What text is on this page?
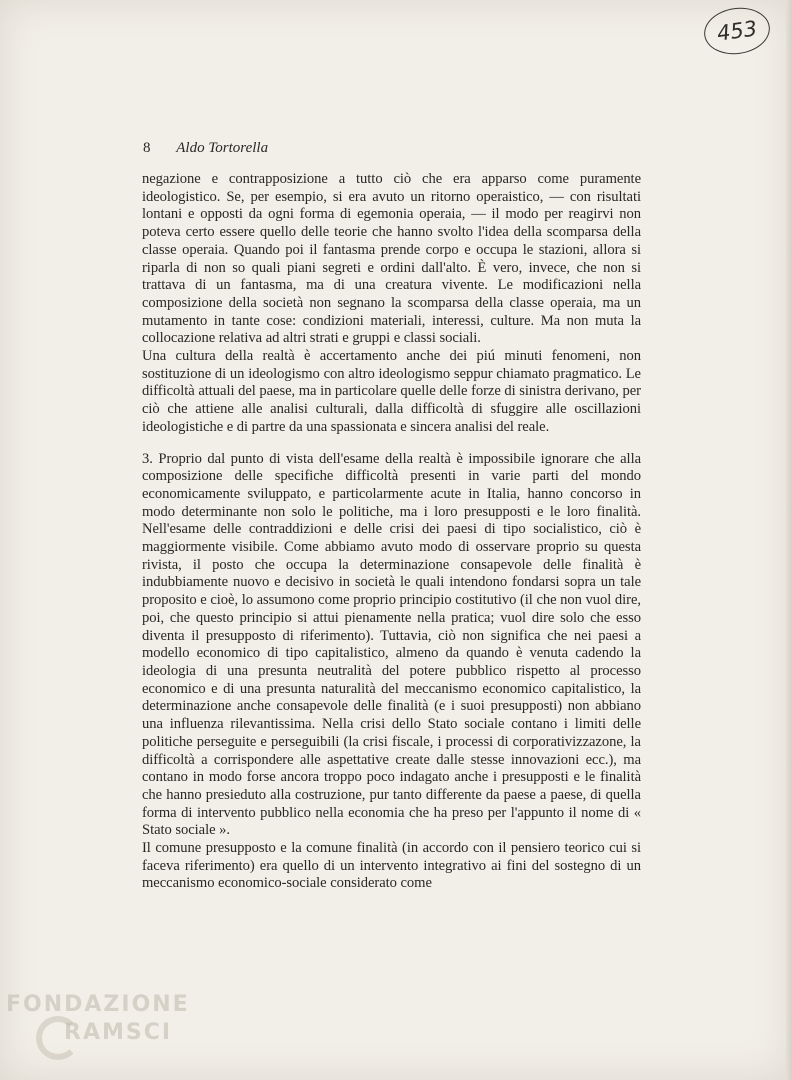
453
8 Aldo Tortorella

negazione e contrapposizione a tutto ciò che era apparso come puramente ideologistico. Se, per esempio, si era avuto un ritorno operaistico, — con risultati lontani e opposti da ogni forma di egemonia operaia, — il modo per reagirvi non poteva certo essere quello delle teorie che hanno svolto l'idea della scomparsa della classe operaia. Quando poi il fantasma prende corpo e occupa le stazioni, allora si riparla di non so quali piani segreti e ordini dall'alto. È vero, invece, che non si trattava di un fantasma, ma di una creatura vivente. Le modificazioni nella composizione della società non segnano la scomparsa della classe operaia, ma un mutamento in tante cose: condizioni materiali, interessi, culture. Ma non muta la collocazione relativa ad altri strati e gruppi e classi sociali.

Una cultura della realtà è accertamento anche dei piú minuti fenomeni, non sostituzione di un ideologismo con altro ideologismo seppur chiamato pragmatico. Le difficoltà attuali del paese, ma in particolare quelle delle forze di sinistra derivano, per ciò che attiene alle analisi culturali, dalla difficoltà di sfuggire alle oscillazioni ideologistiche e di partre da una spassionata e sincera analisi del reale.

3. Proprio dal punto di vista dell'esame della realtà è impossibile ignorare che alla composizione delle specifiche difficoltà presenti in varie parti del mondo economicamente sviluppato, e particolarmente acute in Italia, hanno concorso in modo determinante non solo le politiche, ma i loro presupposti e le loro finalità. Nell'esame delle contraddizioni e delle crisi dei paesi di tipo socialistico, ciò è maggiormente visibile. Come abbiamo avuto modo di osservare proprio su questa rivista, il posto che occupa la determinazione consapevole delle finalità è indubbiamente nuovo e decisivo in società le quali intendono fondarsi sopra un tale proposito e cioè, lo assumono come proprio principio costitutivo (il che non vuol dire, poi, che questo principio si attui pienamente nella pratica; vuol dire solo che esso diventa il presupposto di riferimento). Tuttavia, ciò non significa che nei paesi a modello economico di tipo capitalistico, almeno da quando è venuta cadendo la ideologia di una presunta neutralità del potere pubblico rispetto al processo economico e di una presunta naturalità del meccanismo economico capitalistico, la determinazione anche consapevole delle finalità (e i suoi presupposti) non abbiano una influenza rilevantissima. Nella crisi dello Stato sociale contano i limiti delle politiche perseguite e perseguibili (la crisi fiscale, i processi di corporativizzazone, la difficoltà a corrispondere alle aspettative create dalle stesse innovazioni ecc.), ma contano in modo forse ancora troppo poco indagato anche i presupposti e le finalità che hanno presieduto alla costruzione, pur tanto differente da paese a paese, di quella forma di intervento pubblico nella economia che ha preso per l'appunto il nome di « Stato sociale ».

Il comune presupposto e la comune finalità (in accordo con il pensiero teorico cui si faceva riferimento) era quello di un intervento integrativo ai fini del sostegno di un meccanismo economico-sociale considerato come

FONDAZIONE
RAMSCI
